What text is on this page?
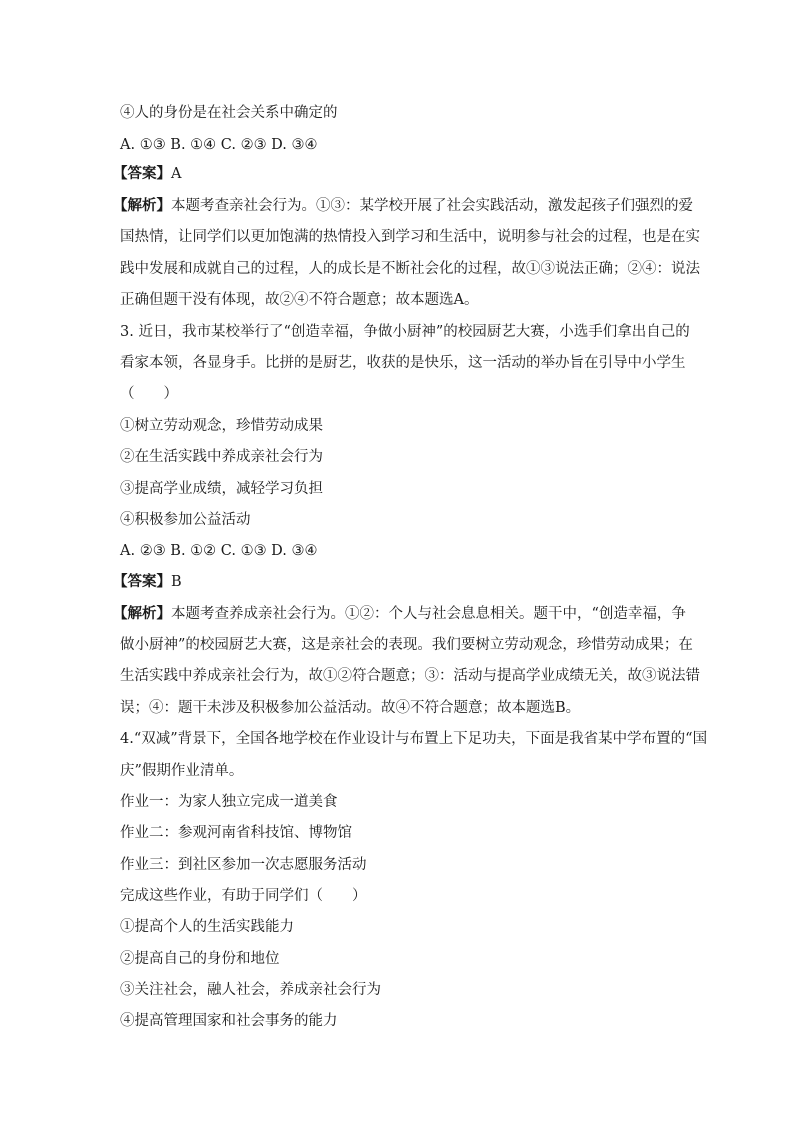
④人的身份是在社会关系中确定的
A. ①③ B. ①④ C. ②③ D. ③④
【答案】A
【解析】本题考查亲社会行为。①③：某学校开展了社会实践活动，激发起孩子们强烈的爱
国热情，让同学们以更加饱满的热情投入到学习和生活中，说明参与社会的过程，也是在实
践中发展和成就自己的过程，人的成长是不断社会化的过程，故①③说法正确；②④：说法
正确但题干没有体现，故②④不符合题意；故本题选A。
3. 近日，我市某校举行了“创造幸福，争做小厨神”的校园厨艺大赛，小选手们拿出自己的
看家本领，各显身手。比拼的是厨艺，收获的是快乐，这一活动的举办旨在引导中小学生
（　　）
①树立劳动观念，珍惜劳动成果
②在生活实践中养成亲社会行为
③提高学业成绩，减轻学习负担
④积极参加公益活动
A. ②③ B. ①② C. ①③ D. ③④
【答案】B
【解析】本题考查养成亲社会行为。①②：个人与社会息息相关。题干中，“创造幸福，争
做小厨神”的校园厨艺大赛，这是亲社会的表现。我们要树立劳动观念，珍惜劳动成果；在
生活实践中养成亲社会行为，故①②符合题意；③：活动与提高学业成绩无关，故③说法错
误；④：题干未涉及积极参加公益活动。故④不符合题意；故本题选B。
4.“双减”背景下，全国各地学校在作业设计与布置上下足功夫，下面是我省某中学布置的“国
庆”假期作业清单。
作业一：为家人独立完成一道美食
作业二：参观河南省科技馆、博物馆
作业三：到社区参加一次志愿服务活动
完成这些作业，有助于同学们（　　）
①提高个人的生活实践能力
②提高自己的身份和地位
③关注社会，融人社会，养成亲社会行为
④提高管理国家和社会事务的能力
